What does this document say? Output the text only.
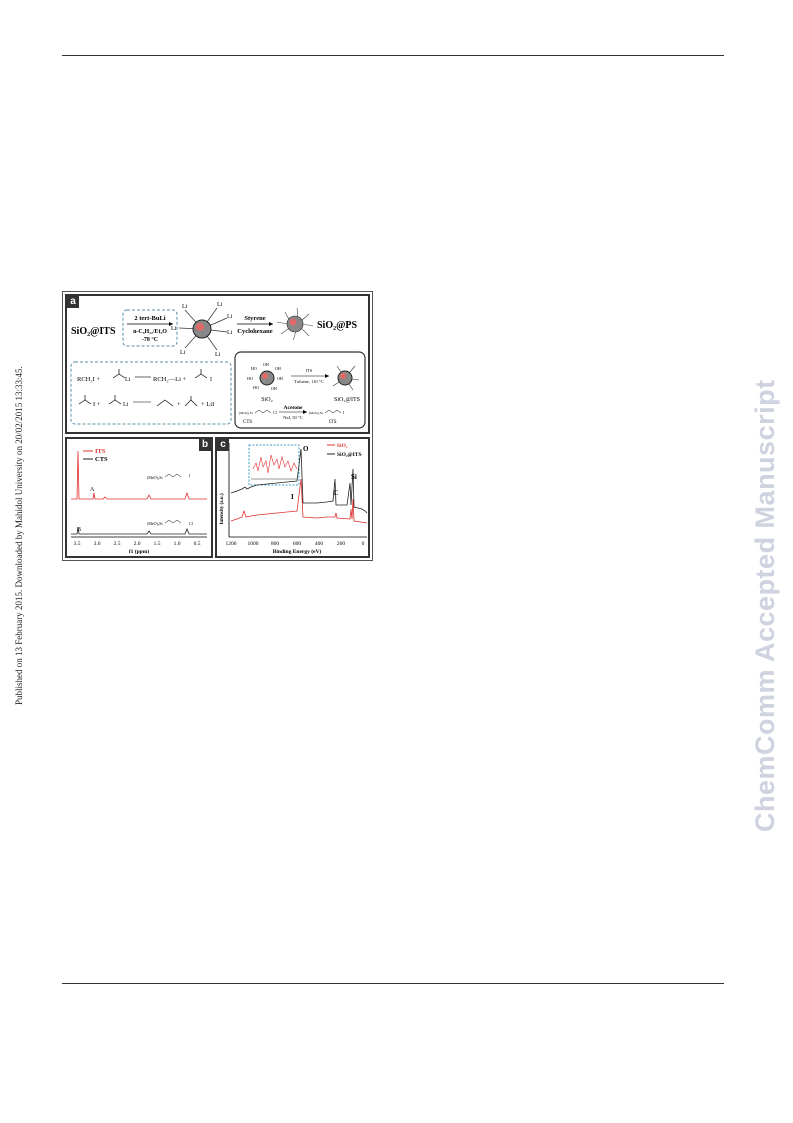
Published on 13 February 2015. Downloaded by Mahidol University on 20/02/2015 13:33:45.	ChemComm Accepted Manuscript
a
SiO₂@ITS
2 tert-BuLi
n-C₅H₁₂/Et₂O
-78 °C
Li	Li
Li
Li
Li
Li	Li
Styrene
Cyclohexane
SiO₂@PS
RCH₂I +	Li	RCH₂—Li +	I
I +	Li	+	+ LiI
OH
HO	OH
HO	OH
HO	OH
SiO₂
ITS
Toluene, 110 °C
SiO₂@ITS
(MeO)₃Si	Cl
CTS
Acetone
NaI, 50 °C
(MeO)₃Si	I
ITS
b
ITS
CTS
A
(MeO)₃Si	I
B
(MeO)₃Si	Cl
3.5 3.0 2.5 2.0 1.5 1.0 0.5
f1 (ppm)
c
Intensity (a.u.)
O
I	C
Si
SiO₂
SiO₂@ITS
1200 1000 800	600	400	200	0
Binding Energy (eV)
